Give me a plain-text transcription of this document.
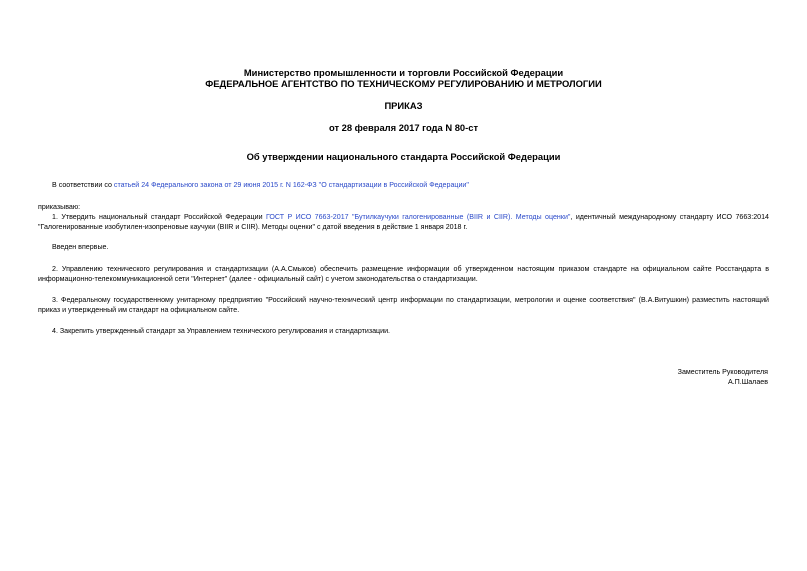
Министерство промышленности и торговли Российской Федерации
ФЕДЕРАЛЬНОЕ АГЕНТСТВО ПО ТЕХНИЧЕСКОМУ РЕГУЛИРОВАНИЮ И МЕТРОЛОГИИ
ПРИКАЗ
от 28 февраля 2017 года N 80-ст
Об утверждении национального стандарта Российской Федерации
В соответствии со статьей 24 Федерального закона от 29 июня 2015 г. N 162-ФЗ "О стандартизации в Российской Федерации"
приказываю:
1. Утвердить национальный стандарт Российской Федерации ГОСТ Р ИСО 7663-2017 "Бутилкаучуки галогенированные (BIIR и CIIR). Методы оценки", идентичный международному стандарту ИСО 7663:2014 "Галогенированные изобутилен-изопреновые каучуки (BIIR и CIIR). Методы оценки" с датой введения в действие 1 января 2018 г.
Введен впервые.
2. Управлению технического регулирования и стандартизации (А.А.Смыков) обеспечить размещение информации об утвержденном настоящим приказом стандарте на официальном сайте Росстандарта в информационно-телекоммуникационной сети "Интернет" (далее - официальный сайт) с учетом законодательства о стандартизации.
3. Федеральному государственному унитарному предприятию "Российский научно-технический центр информации по стандартизации, метрологии и оценке соответствия" (В.А.Витушкин) разместить настоящий приказ и утвержденный им стандарт на официальном сайте.
4. Закрепить утвержденный стандарт за Управлением технического регулирования и стандартизации.
Заместитель Руководителя
А.П.Шалаев
